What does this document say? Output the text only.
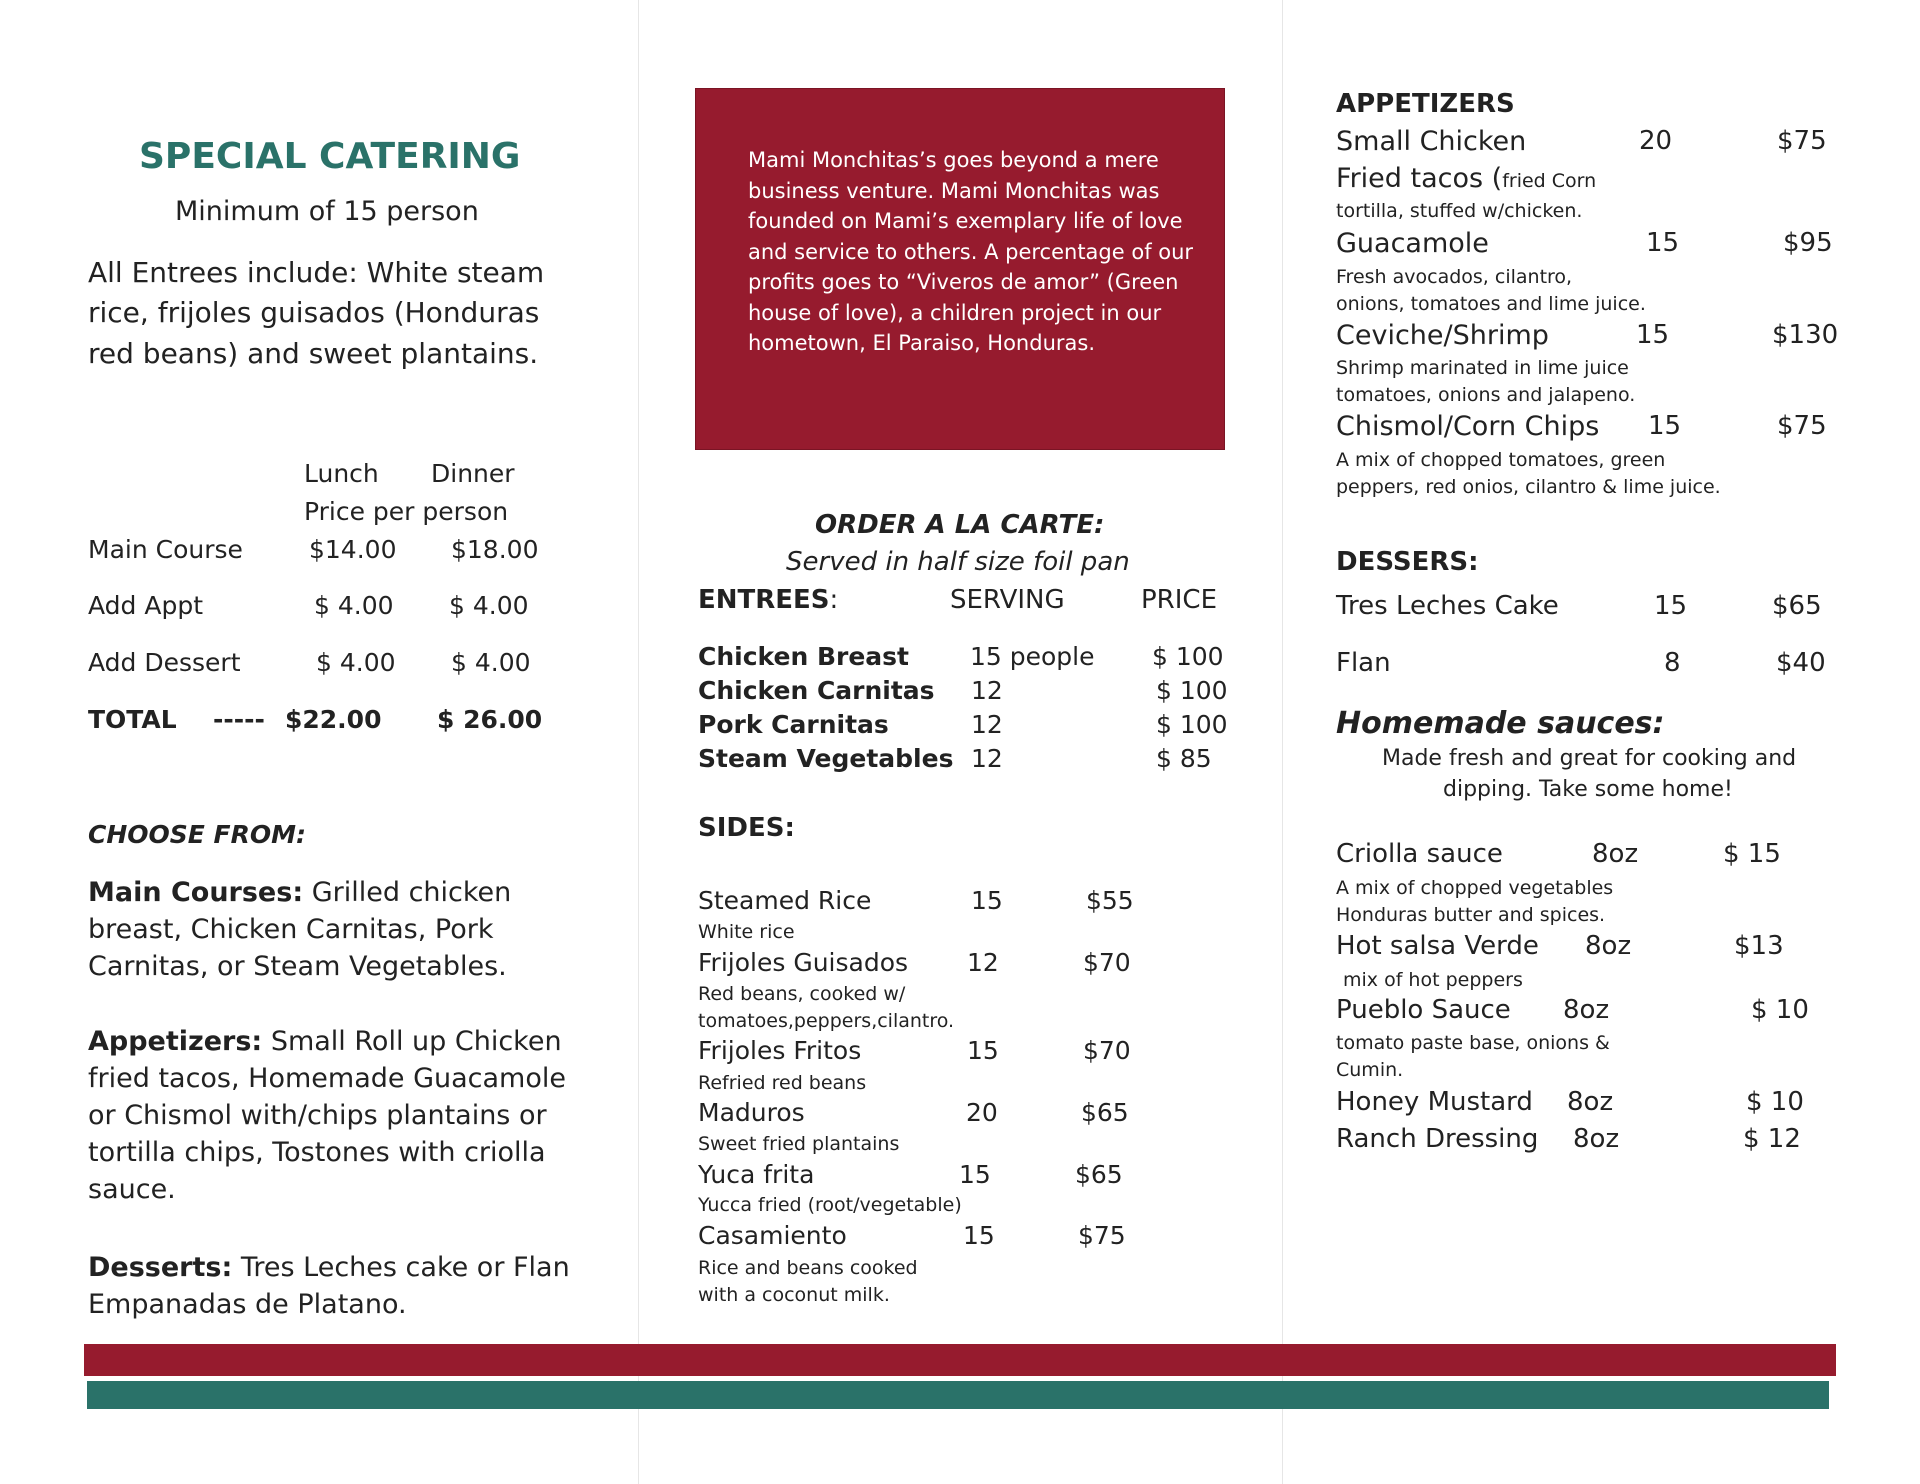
SPECIAL CATERING
Minimum of 15 person
All Entrees include: White steam
rice, frijoles guisados (Honduras
red beans) and sweet plantains.
Lunch Dinner
Price per person
Main Course	$14.00 $18.00
Add Appt	$ 4.00 $ 4.00
Add Dessert	$ 4.00 $ 4.00
TOTAL ----- $22.00 $ 26.00
CHOOSE FROM:
Main Courses: Grilled chicken breast, Chicken Carnitas, Pork Carnitas, or Steam Vegetables.
Appetizers: Small Roll up Chicken fried tacos, Homemade Guacamole or Chismol with/chips plantains or tortilla chips, Tostones with criolla sauce.
Desserts: Tres Leches cake or Flan Empanadas de Platano.
Mami Monchitas’s goes beyond a mere business venture. Mami Monchitas was founded on Mami’s exemplary life of love and service to others. A percentage of our profits goes to “Viveros de amor” (Green house of love), a children project in our hometown, El Paraiso, Honduras.
ORDER A LA CARTE:
Served in half size foil pan
ENTREES:	SERVING	PRICE
Chicken Breast 15 people $ 100
Chicken Carnitas 12	$ 100
Pork Carnitas	12	$ 100
Steam Vegetables 12	$ 85
SIDES:
Steamed Rice	15	$55
White rice
Frijoles Guisados 12	$70
Red beans, cooked w/
tomatoes,peppers,cilantro.
Frijoles Fritos	15	$70
Refried red beans
Maduros	20	$65
Sweet fried plantains
Yuca frita	15	$65
Yucca fried (root/vegetable)
Casamiento	15	$75
Rice and beans cooked
with a coconut milk.
APPETIZERS
Small Chicken	20	$75
Fried tacos (fried Corn
tortilla, stuffed w/chicken.
Guacamole	15	$95
Fresh avocados, cilantro,
onions, tomatoes and lime juice.
Ceviche/Shrimp	15	$130
Shrimp marinated in lime juice
tomatoes, onions and jalapeno.
Chismol/Corn Chips 15	$75
A mix of chopped tomatoes, green
peppers, red onios, cilantro & lime juice.
DESSERS:
Tres Leches Cake	15	$65
Flan	8	$40
Homemade sauces:
Made fresh and great for cooking and
dipping. Take some home!
Criolla sauce	8oz	$ 15
A mix of chopped vegetables
Honduras butter and spices.
Hot salsa Verde 8oz	$13
mix of hot peppers
Pueblo Sauce 8oz	$ 10
tomato paste base, onions &
Cumin.
Honey Mustard 8oz	$ 10
Ranch Dressing 8oz	$ 12
